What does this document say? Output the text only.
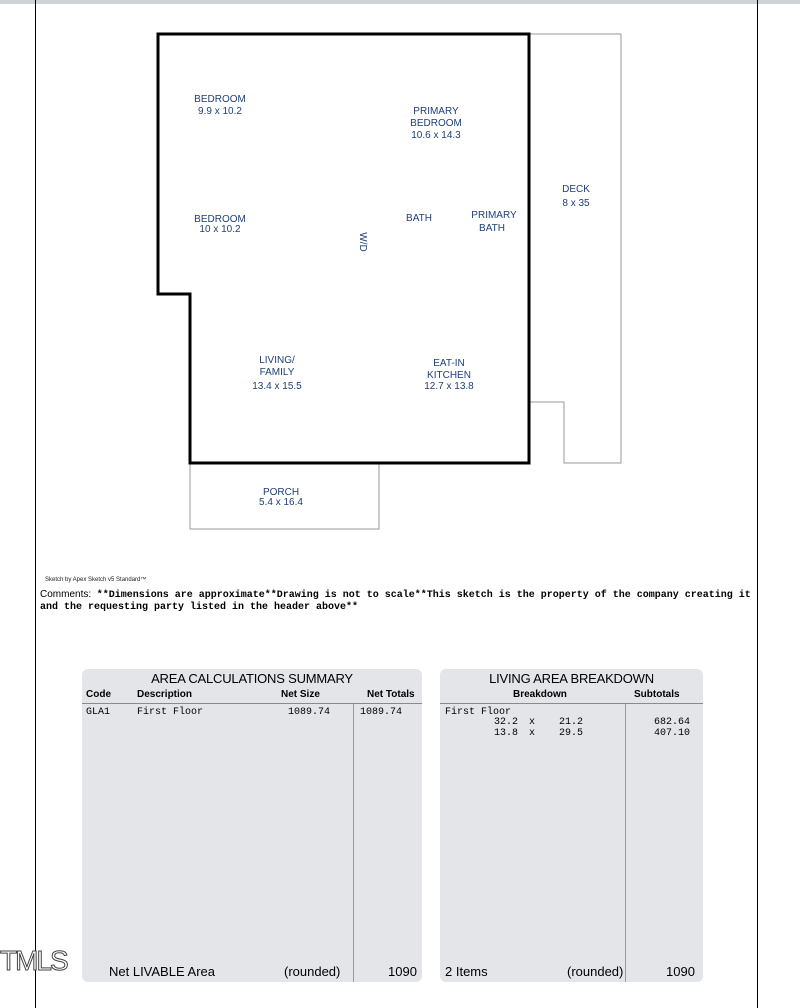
BEDROOM
9.9 x 10.2	PRIMARY
BEDROOM
10.6 x 14.3
DECK
8 x 35
BEDROOM
10 x 10.2
W/D
BATH	PRIMARY
BATH
LIVING/
FAMILY
13.4 x 15.5
EAT-IN
KITCHEN
12.7 x 13.8
PORCH
5.4 x 16.4
Sketch by Apex Sketch v5 Standard™
Comments: **Dimensions are approximate**Drawing is not to scale**This sketch is the property of the company creating it and the requesting party listed in the header above**
AREA CALCULATIONS SUMMARY
Code	Description	Net Size	Net Totals
GLA1	First Floor	1089.74	1089.74
Net LIVABLE Area	(rounded)	1090
LIVING AREA BREAKDOWN
Breakdown	Subtotals
First Floor
32.2 x 21.2	682.64
13.8 x 29.5	407.10
2 Items	(rounded)	1090
TMLS
